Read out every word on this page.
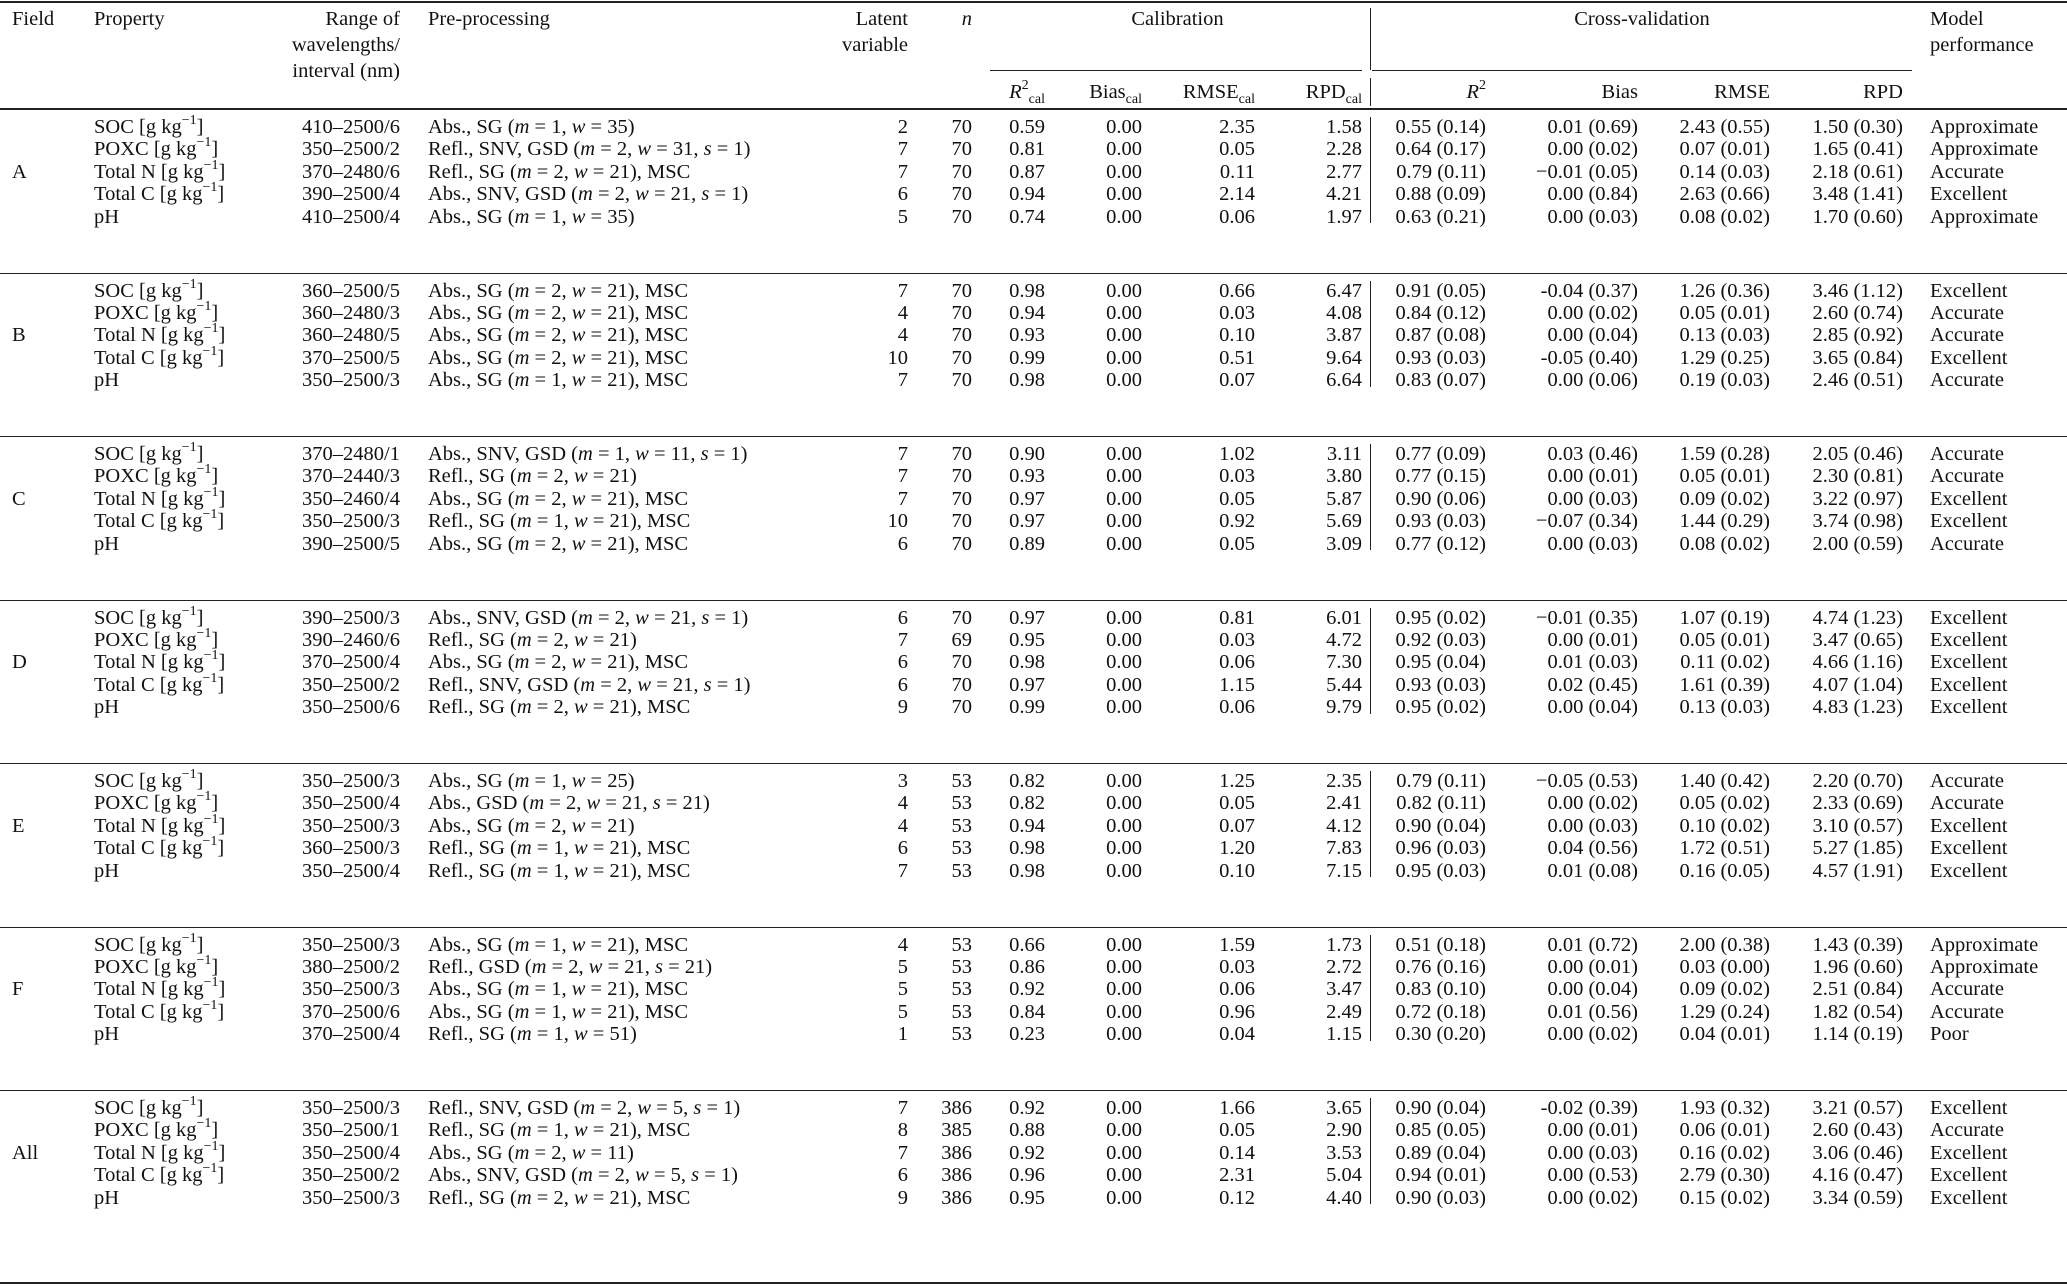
Field Property	Range of
wavelengths/
interval (nm)
Pre-processing	Latent
variable
n	Calibration	Cross-validation	Model
performance
$R^2_{cal}$	Bias$_{cal}$	$RMSE_{cal}$	$RPD_{cal}$	$R^2$	Bias	RMSE	RPD
A
SOC [g $kg^{-1}$]	410–2500/6 Abs., SG (m = 1, w = 35)	2	70	0.59	0.00	2.35	1.58	0.55 (0.14)	0.01 (0.69)	2.43 (0.55)	1.50 (0.30) Approximate
POXC [g $kg^{-1}$]	350–2500/2 Refl., SNV, GSD (m = 2, w = 31, s = 1)	7	70	0.81	0.00	0.05	2.28	0.64 (0.17)	0.00 (0.02)	0.07 (0.01)	1.65 (0.41) Approximate
Total N [g $kg^{-1}$]	370–2480/6 Refl., SG (m = 2, w = 21), MSC	7	70	0.87	0.00	0.11	2.77	0.79 (0.11)	−0.01 (0.05)	0.14 (0.03)	2.18 (0.61) Accurate
Total C [g $kg^{-1}$]	390–2500/4 Abs., SNV, GSD (m = 2, w = 21, s = 1)	6	70	0.94	0.00	2.14	4.21	0.88 (0.09)	0.00 (0.84)	2.63 (0.66)	3.48 (1.41) Excellent
pH	410–2500/4 Abs., SG (m = 1, w = 35)	5	70	0.74	0.00	0.06	1.97	0.63 (0.21)	0.00 (0.03)	0.08 (0.02)	1.70 (0.60) Approximate
B
SOC [g $kg^{-1}$]	360–2500/5 Abs., SG (m = 2, w = 21), MSC	7	70	0.98	0.00	0.66	6.47	0.91 (0.05)	-0.04 (0.37)	1.26 (0.36)	3.46 (1.12) Excellent
POXC [g $kg^{-1}$]	360–2480/3 Abs., SG (m = 2, w = 21), MSC	4	70	0.94	0.00	0.03	4.08	0.84 (0.12)	0.00 (0.02)	0.05 (0.01)	2.60 (0.74) Accurate
Total N [g $kg^{-1}$]	360–2480/5 Abs., SG (m = 2, w = 21), MSC	4	70	0.93	0.00	0.10	3.87	0.87 (0.08)	0.00 (0.04)	0.13 (0.03)	2.85 (0.92) Accurate
Total C [g $kg^{-1}$]	370–2500/5 Abs., SG (m = 2, w = 21), MSC	10	70	0.99	0.00	0.51	9.64	0.93 (0.03)	-0.05 (0.40)	1.29 (0.25)	3.65 (0.84) Excellent
pH	350–2500/3 Abs., SG (m = 1, w = 21), MSC	7	70	0.98	0.00	0.07	6.64	0.83 (0.07)	0.00 (0.06)	0.19 (0.03)	2.46 (0.51) Accurate
C
SOC [g $kg^{-1}$]	370–2480/1 Abs., SNV, GSD (m = 1, w = 11, s = 1)	7	70	0.90	0.00	1.02	3.11	0.77 (0.09)	0.03 (0.46)	1.59 (0.28)	2.05 (0.46) Accurate
POXC [g $kg^{-1}$]	370–2440/3 Refl., SG (m = 2, w = 21)	7	70	0.93	0.00	0.03	3.80	0.77 (0.15)	0.00 (0.01)	0.05 (0.01)	2.30 (0.81) Accurate
Total N [g $kg^{-1}$]	350–2460/4 Abs., SG (m = 2, w = 21), MSC	7	70	0.97	0.00	0.05	5.87	0.90 (0.06)	0.00 (0.03)	0.09 (0.02)	3.22 (0.97) Excellent
Total C [g $kg^{-1}$]	350–2500/3 Refl., SG (m = 1, w = 21), MSC	10	70	0.97	0.00	0.92	5.69	0.93 (0.03)	−0.07 (0.34)	1.44 (0.29)	3.74 (0.98) Excellent
pH	390–2500/5 Abs., SG (m = 2, w = 21), MSC	6	70	0.89	0.00	0.05	3.09	0.77 (0.12)	0.00 (0.03)	0.08 (0.02)	2.00 (0.59) Accurate
D
SOC [g $kg^{-1}$]	390–2500/3 Abs., SNV, GSD (m = 2, w = 21, s = 1)	6	70	0.97	0.00	0.81	6.01	0.95 (0.02)	−0.01 (0.35)	1.07 (0.19)	4.74 (1.23) Excellent
POXC [g $kg^{-1}$]	390–2460/6 Refl., SG (m = 2, w = 21)	7	69	0.95	0.00	0.03	4.72	0.92 (0.03)	0.00 (0.01)	0.05 (0.01)	3.47 (0.65) Excellent
Total N [g $kg^{-1}$]	370–2500/4 Abs., SG (m = 2, w = 21), MSC	6	70	0.98	0.00	0.06	7.30	0.95 (0.04)	0.01 (0.03)	0.11 (0.02)	4.66 (1.16) Excellent
Total C [g $kg^{-1}$]	350–2500/2 Refl., SNV, GSD (m = 2, w = 21, s = 1)	6	70	0.97	0.00	1.15	5.44	0.93 (0.03)	0.02 (0.45)	1.61 (0.39)	4.07 (1.04) Excellent
pH	350–2500/6 Refl., SG (m = 2, w = 21), MSC	9	70	0.99	0.00	0.06	9.79	0.95 (0.02)	0.00 (0.04)	0.13 (0.03)	4.83 (1.23) Excellent
E
SOC [g $kg^{-1}$]	350–2500/3 Abs., SG (m = 1, w = 25)	3	53	0.82	0.00	1.25	2.35	0.79 (0.11)	−0.05 (0.53)	1.40 (0.42)	2.20 (0.70) Accurate
POXC [g $kg^{-1}$]	350–2500/4 Abs., GSD (m = 2, w = 21, s = 21)	4	53	0.82	0.00	0.05	2.41	0.82 (0.11)	0.00 (0.02)	0.05 (0.02)	2.33 (0.69) Accurate
Total N [g $kg^{-1}$]	350–2500/3 Abs., SG (m = 2, w = 21)	4	53	0.94	0.00	0.07	4.12	0.90 (0.04)	0.00 (0.03)	0.10 (0.02)	3.10 (0.57) Excellent
Total C [g $kg^{-1}$]	360–2500/3 Refl., SG (m = 1, w = 21), MSC	6	53	0.98	0.00	1.20	7.83	0.96 (0.03)	0.04 (0.56)	1.72 (0.51)	5.27 (1.85) Excellent
pH	350–2500/4 Refl., SG (m = 1, w = 21), MSC	7	53	0.98	0.00	0.10	7.15	0.95 (0.03)	0.01 (0.08)	0.16 (0.05)	4.57 (1.91) Excellent
F
SOC [g $kg^{-1}$]	350–2500/3 Abs., SG (m = 1, w = 21), MSC	4	53	0.66	0.00	1.59	1.73	0.51 (0.18)	0.01 (0.72)	2.00 (0.38)	1.43 (0.39) Approximate
POXC [g $kg^{-1}$]	380–2500/2 Refl., GSD (m = 2, w = 21, s = 21)	5	53	0.86	0.00	0.03	2.72	0.76 (0.16)	0.00 (0.01)	0.03 (0.00)	1.96 (0.60) Approximate
Total N [g $kg^{-1}$]	350–2500/3 Abs., SG (m = 1, w = 21), MSC	5	53	0.92	0.00	0.06	3.47	0.83 (0.10)	0.00 (0.04)	0.09 (0.02)	2.51 (0.84) Accurate
Total C [g $kg^{-1}$]	370–2500/6 Abs., SG (m = 1, w = 21), MSC	5	53	0.84	0.00	0.96	2.49	0.72 (0.18)	0.01 (0.56)	1.29 (0.24)	1.82 (0.54) Accurate
pH	370–2500/4 Refl., SG (m = 1, w = 51)	1	53	0.23	0.00	0.04	1.15	0.30 (0.20)	0.00 (0.02)	0.04 (0.01)	1.14 (0.19) Poor
All
SOC [g $kg^{-1}$]	350–2500/3 Refl., SNV, GSD (m = 2, w = 5, s = 1)	7	386	0.92	0.00	1.66	3.65	0.90 (0.04)	-0.02 (0.39)	1.93 (0.32)	3.21 (0.57) Excellent
POXC [g $kg^{-1}$]	350–2500/1 Refl., SG (m = 1, w = 21), MSC	8	385	0.88	0.00	0.05	2.90	0.85 (0.05)	0.00 (0.01)	0.06 (0.01)	2.60 (0.43) Accurate
Total N [g $kg^{-1}$]	350–2500/4 Abs., SG (m = 2, w = 11)	7	386	0.92	0.00	0.14	3.53	0.89 (0.04)	0.00 (0.03)	0.16 (0.02)	3.06 (0.46) Excellent
Total C [g $kg^{-1}$]	350–2500/2 Abs., SNV, GSD (m = 2, w = 5, s = 1)	6	386	0.96	0.00	2.31	5.04	0.94 (0.01)	0.00 (0.53)	2.79 (0.30)	4.16 (0.47) Excellent
pH	350–2500/3 Refl., SG (m = 2, w = 21), MSC	9	386	0.95	0.00	0.12	4.40	0.90 (0.03)	0.00 (0.02)	0.15 (0.02)	3.34 (0.59) Excellent
